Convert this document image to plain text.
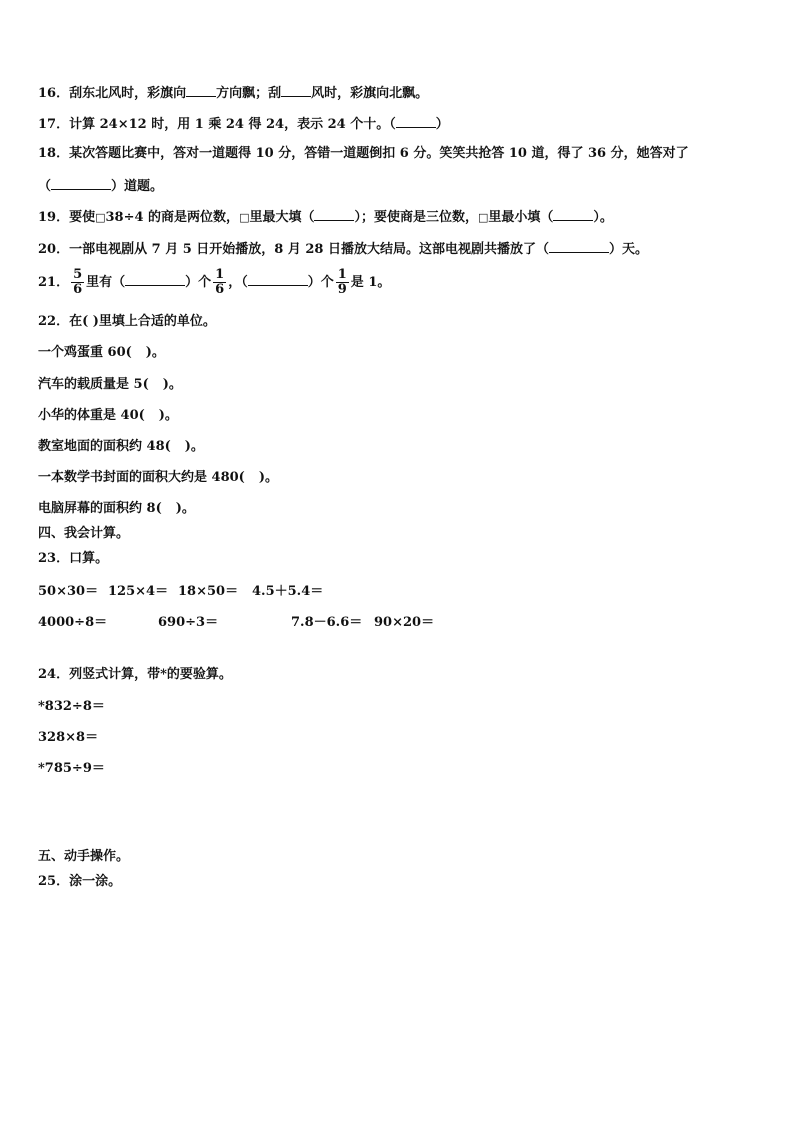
16．刮东北风时，彩旗向 方向飘；刮 风时，彩旗向北飘。
17．计算 24×12 时，用 1 乘 24 得 24，表示 24 个十。（	）
18．某次答题比赛中，答对一道题得 10 分，答错一道题倒扣 6 分。笑笑共抢答 10 道，得了 36 分，她答对了
（	）道题。
19．要使□38÷4 的商是两位数，□里最大填（	）；要使商是三位数，□里最小填（	）。
20．一部电视剧从 7 月 5 日开始播放，8 月 28 日播放大结局。这部电视剧共播放了（	）天。
21． $\frac{5}{6}$ 里有（	）个 $\frac{1}{6}$ ，（	）个 $\frac{1}{9}$ 是 1。
22．在( )里填上合适的单位。
一个鸡蛋重 60( )。
汽车的载质量是 5( )。
小华的体重是 40( )。
教室地面的面积约 48( )。
一本数学书封面的面积大约是 480( )。
电脑屏幕的面积约 8( )。
四、我会计算。
23．口算。
50×30＝ 125×4＝ 18×50＝ 4.5＋5.4＝
4000÷8＝	690÷3＝	7.8－6.6＝ 90×20＝
24．列竖式计算，带*的要验算。
*832÷8＝
328×8＝
*785÷9＝
五、动手操作。
25．涂一涂。
